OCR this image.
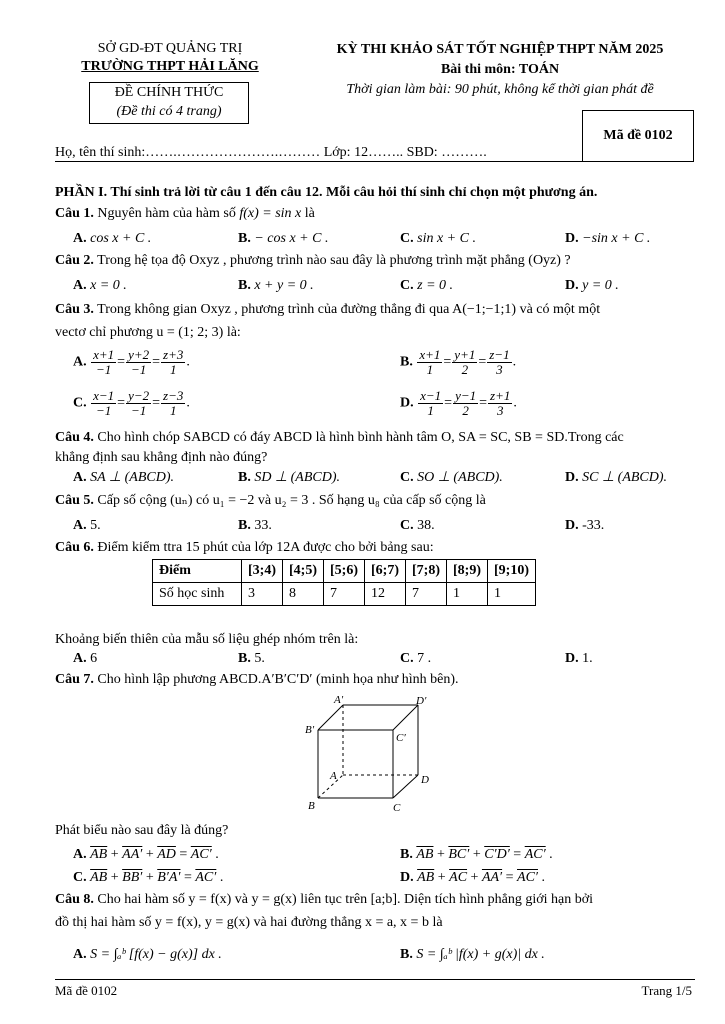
SỞ GD-ĐT QUẢNG TRỊ
TRƯỜNG THPT HẢI LĂNG
ĐỀ CHÍNH THỨC
(Đề thi có 4 trang)
KỲ THI KHẢO SÁT TỐT NGHIỆP THPT NĂM 2025
Bài thi môn: TOÁN
Thời gian làm bài: 90 phút, không kể thời gian phát đề
Mã đề 0102
Họ, tên thí sinh:…….………………….……… Lớp: 12…….. SBD: ……….
PHẦN I. Thí sinh trả lời từ câu 1 đến câu 12. Mỗi câu hỏi thí sinh chỉ chọn một phương án.
Câu 1. Nguyên hàm của hàm số f(x) = sin x là
A. cos x + C .	B. − cos x + C .	C. sin x + C .	D. −sin x + C .
Câu 2. Trong hệ tọa độ Oxyz , phương trình nào sau đây là phương trình mặt phẳng (Oyz) ?
A. x = 0 .	B. x + y = 0 .	C. z = 0 .	D. y = 0 .
Câu 3. Trong không gian Oxyz , phương trình của đường thẳng đi qua A(−1;−1;1) và có một một
vectơ chỉ phương u = (1; 2; 3) là:
A. $\frac{x+1}{-1} = \frac{y+2}{-1} = \frac{z+3}{1}$ .	B. $\frac{x+1}{1} = \frac{y+1}{2} = \frac{z-1}{3}$ .
C. $\frac{x-1}{-1} = \frac{y-2}{-1} = \frac{z-3}{1}$ .	D. $\frac{x-1}{1} = \frac{y-1}{2} = \frac{z+1}{3}$ .
Câu 4. Cho hình chóp SABCD có đáy ABCD là hình bình hành tâm O, SA = SC, SB = SD.Trong các
khẳng định sau khẳng định nào đúng?
A. SA ⊥ (ABCD).	B. SD ⊥ (ABCD).	C. SO ⊥ (ABCD).	D. SC ⊥ (ABCD).
Câu 5. Cấp số cộng (uₙ) có u₁ = −2 và u₂ = 3 . Số hạng u₈ của cấp số cộng là
A. 5.	B. 33.	C. 38.	D. -33.
Câu 6. Điểm kiểm ttra 15 phút của lớp 12A được cho bởi bảng sau:
Điểm	[3;4)	[4;5)	[5;6)	[6;7)	[7;8)	[8;9)	[9;10)
Số học sinh	3	8	7	12	7	1	1
Khoảng biến thiên của mẫu số liệu ghép nhóm trên là:
A. 6	B. 5.	C. 7 .	D. 1.
Câu 7. Cho hình lập phương ABCD.A′B′C′D′ (minh họa như hình bên).
A′	D′
B′
C′
A	D
B	C
Phát biểu nào sau đây là đúng?
A. $\overline{AB} + AA' + \overline{AD} = AC'$ .	B. $\overline{AB} + BC' + C'D' = AC'$ .
C. $\overline{AB} + BB' + B'A' = AC'$ .	D. $\overline{AB} + \overline{AC} + AA' = AC'$ .
Câu 8. Cho hai hàm số y = f(x) và y = g(x) liên tục trên [a;b]. Diện tích hình phẳng giới hạn bởi
đồ thị hai hàm số y = f(x), y = g(x) và hai đường thẳng x = a, x = b là
A. S = ∫ₐᵇ [f(x) − g(x)] dx .	B. S = ∫ₐᵇ |f(x) + g(x)| dx .
Mã đề 0102	Trang 1/5
